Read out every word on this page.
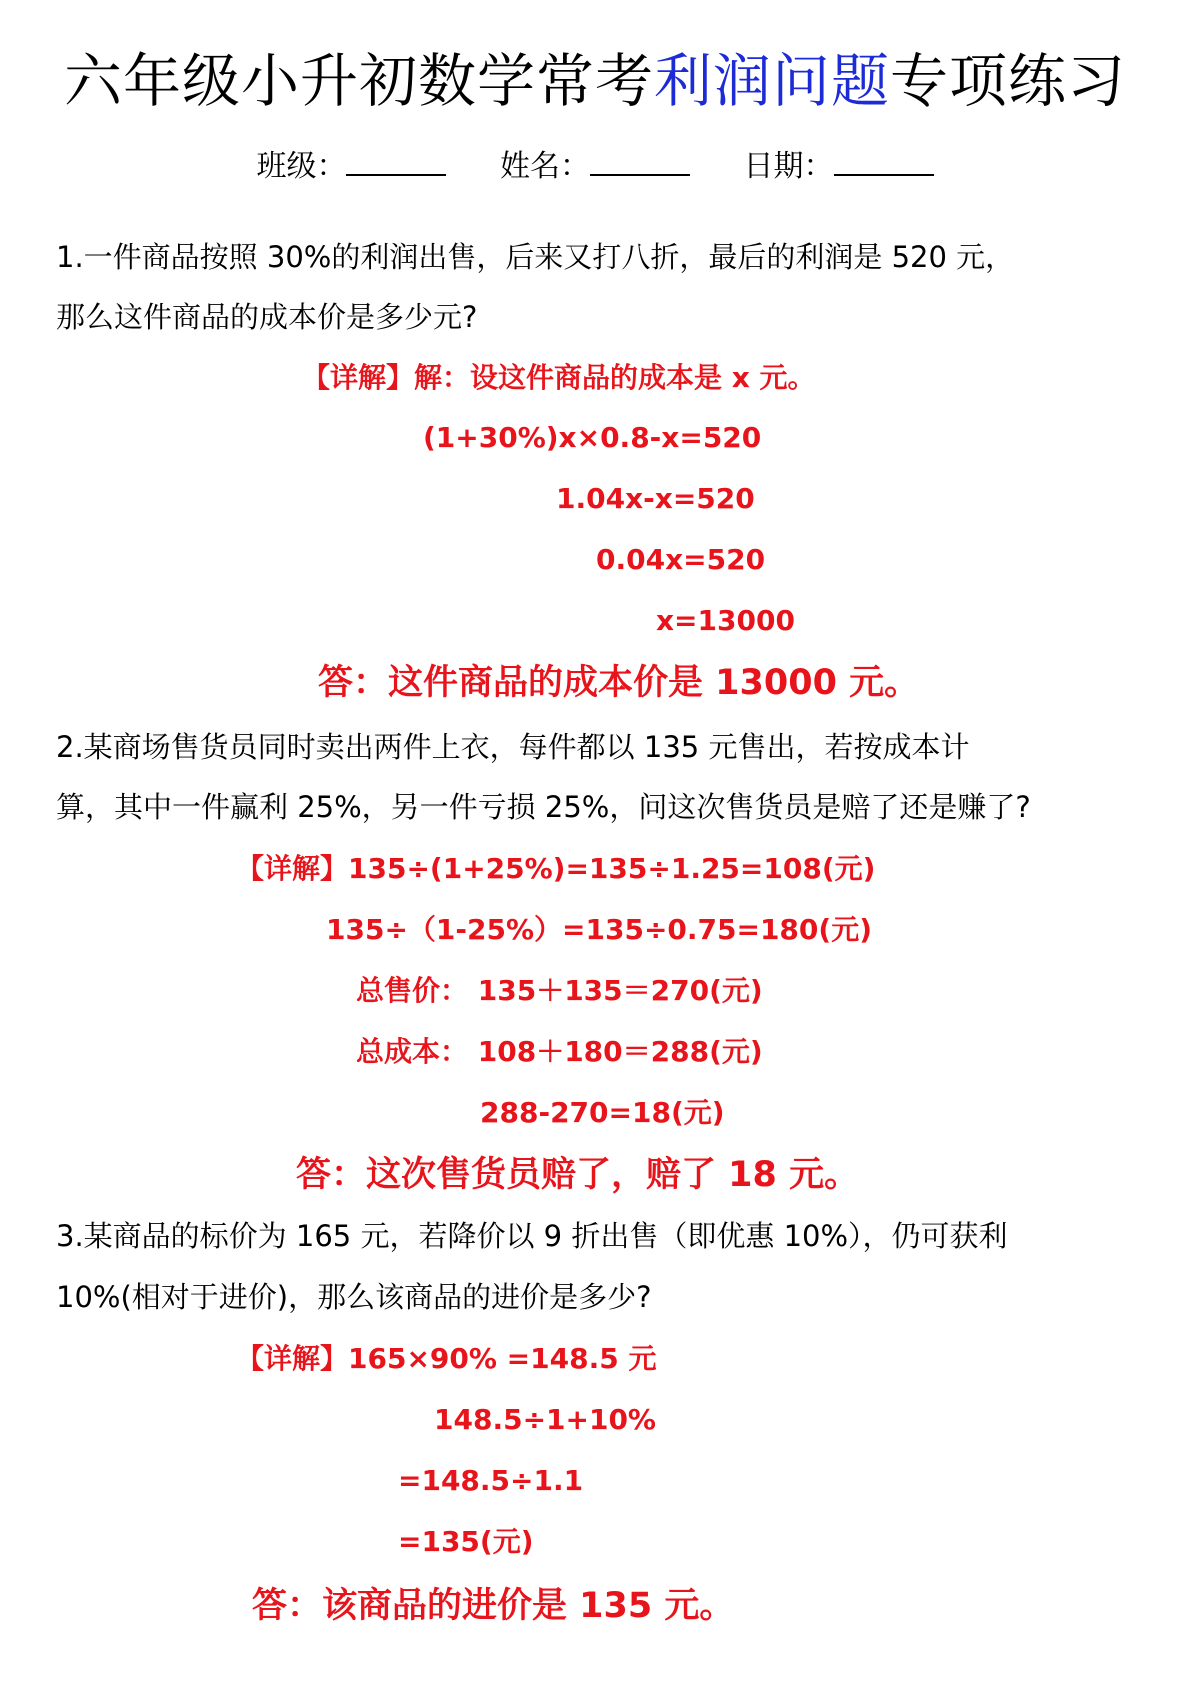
六年级小升初数学常考利润问题专项练习
班级：	姓名：	日期：
1.一件商品按照 30%的利润出售，后来又打八折，最后的利润是 520 元，
那么这件商品的成本价是多少元?
【详解】解：设这件商品的成本是 x 元。
(1+30%)x×0.8-x=520
1.04x-x=520
0.04x=520
x=13000
答：这件商品的成本价是 13000 元。
2.某商场售货员同时卖出两件上衣，每件都以 135 元售出，若按成本计
算，其中一件赢利 25%，另一件亏损 25%，问这次售货员是赔了还是赚了?
【详解】135÷(1+25%)=135÷1.25=108(元)
135÷（1-25%）=135÷0.75=180(元)
总售价： 135＋135＝270(元)
总成本： 108＋180＝288(元)
288-270=18(元)
答：这次售货员赔了，赔了 18 元。
3.某商品的标价为 165 元，若降价以 9 折出售（即优惠 10%），仍可获利
10%(相对于进价)，那么该商品的进价是多少?
【详解】165×90% =148.5 元
148.5÷1+10%
=148.5÷1.1
=135(元)
答：该商品的进价是 135 元。
